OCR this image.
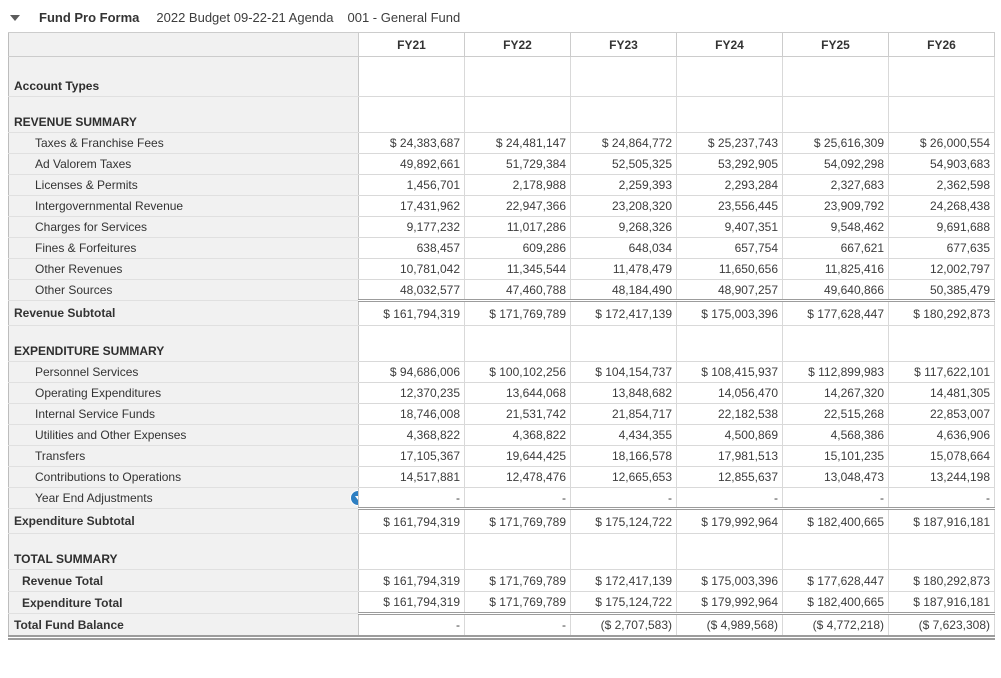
Fund Pro Forma 2022 Budget 09-22-21 Agenda 001 - General Fund
	FY21	FY22	FY23	FY24	FY25	FY26
Account Types						
REVENUE SUMMARY						
Taxes & Franchise Fees	$ 24,383,687	$ 24,481,147	$ 24,864,772	$ 25,237,743	$ 25,616,309	$ 26,000,554
Ad Valorem Taxes	49,892,661	51,729,384	52,505,325	53,292,905	54,092,298	54,903,683
Licenses & Permits	1,456,701	2,178,988	2,259,393	2,293,284	2,327,683	2,362,598
Intergovernmental Revenue	17,431,962	22,947,366	23,208,320	23,556,445	23,909,792	24,268,438
Charges for Services	9,177,232	11,017,286	9,268,326	9,407,351	9,548,462	9,691,688
Fines & Forfeitures	638,457	609,286	648,034	657,754	667,621	677,635
Other Revenues	10,781,042	11,345,544	11,478,479	11,650,656	11,825,416	12,002,797
Other Sources	48,032,577	47,460,788	48,184,490	48,907,257	49,640,866	50,385,479
Revenue Subtotal	$ 161,794,319	$ 171,769,789	$ 172,417,139	$ 175,003,396	$ 177,628,447	$ 180,292,873
EXPENDITURE SUMMARY						
Personnel Services	$ 94,686,006	$ 100,102,256	$ 104,154,737	$ 108,415,937	$ 112,899,983	$ 117,622,101
Operating Expenditures	12,370,235	13,644,068	13,848,682	14,056,470	14,267,320	14,481,305
Internal Service Funds	18,746,008	21,531,742	21,854,717	22,182,538	22,515,268	22,853,007
Utilities and Other Expenses	4,368,822	4,368,822	4,434,355	4,500,869	4,568,386	4,636,906
Transfers	17,105,367	19,644,425	18,166,578	17,981,513	15,101,235	15,078,664
Contributions to Operations	14,517,881	12,478,476	12,665,653	12,855,637	13,048,473	13,244,198
Year End Adjustments	-	-	-	-	-	-
Expenditure Subtotal	$ 161,794,319	$ 171,769,789	$ 175,124,722	$ 179,992,964	$ 182,400,665	$ 187,916,181
TOTAL SUMMARY						
Revenue Total	$ 161,794,319	$ 171,769,789	$ 172,417,139	$ 175,003,396	$ 177,628,447	$ 180,292,873
Expenditure Total	$ 161,794,319	$ 171,769,789	$ 175,124,722	$ 179,992,964	$ 182,400,665	$ 187,916,181
Total Fund Balance	-	-	($ 2,707,583)	($ 4,989,568)	($ 4,772,218)	($ 7,623,308)
